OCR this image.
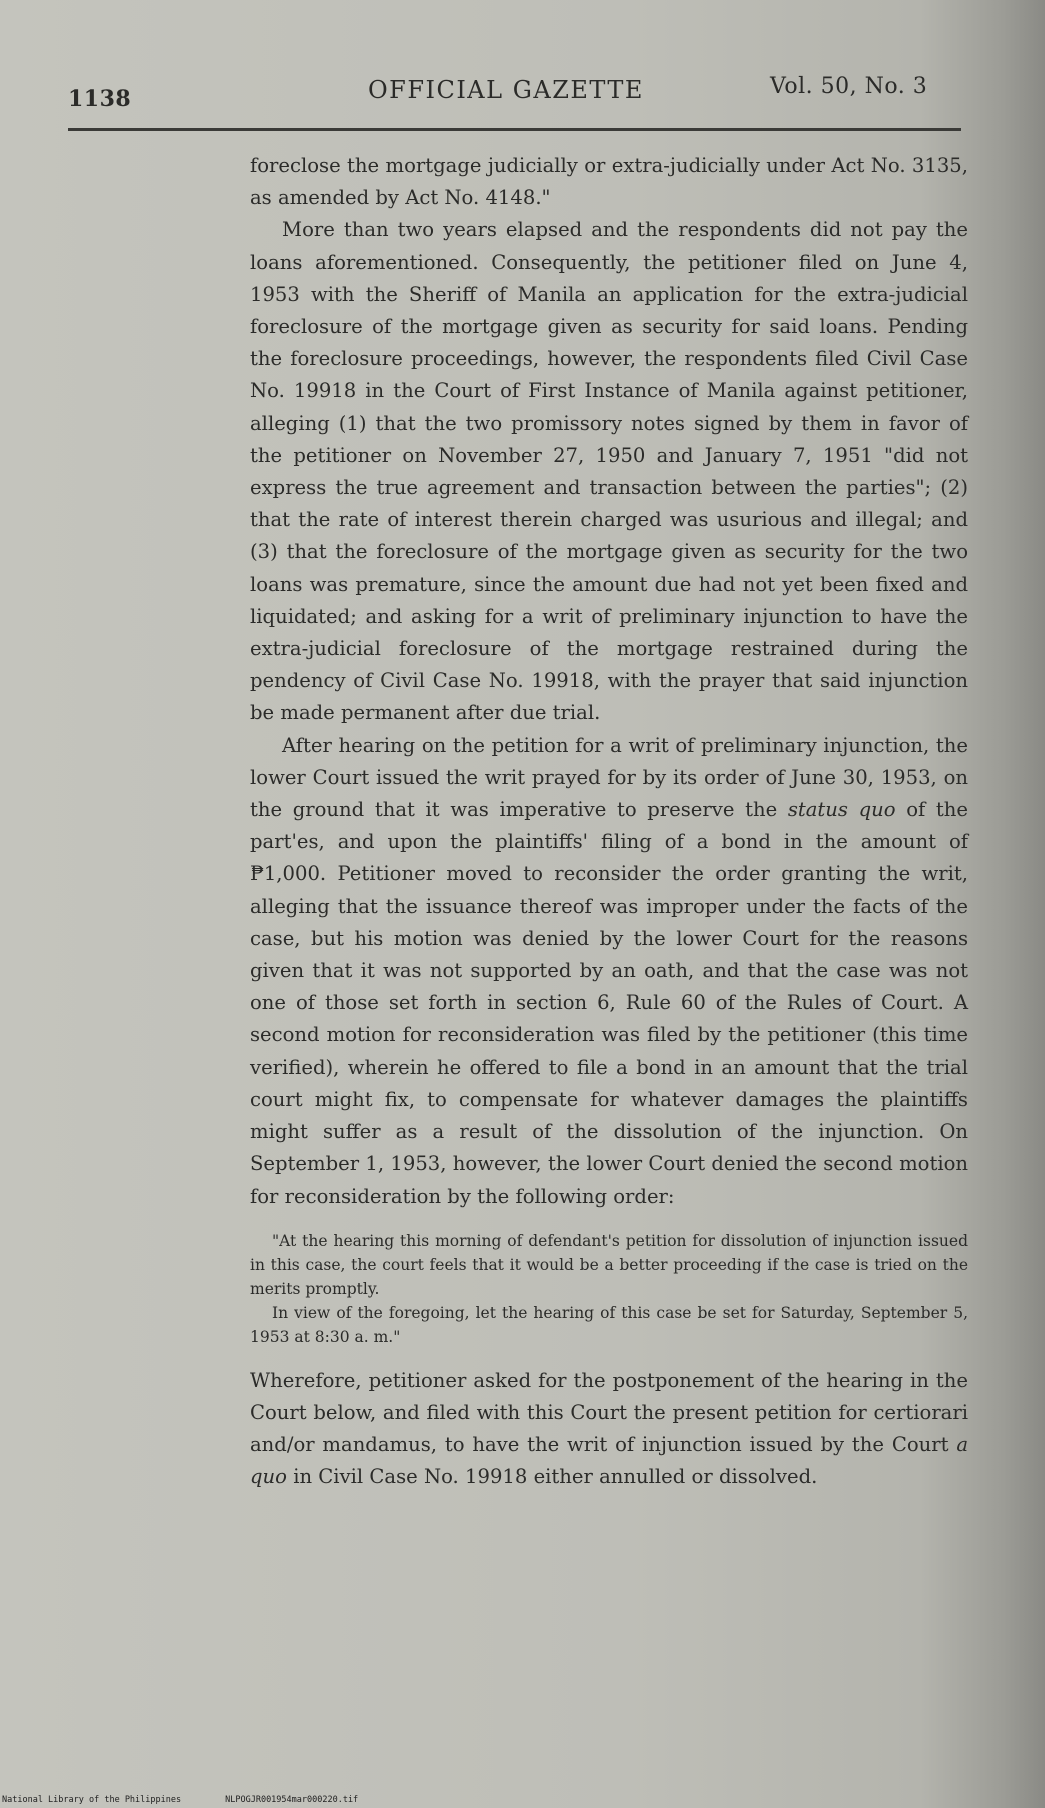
1138	OFFICIAL GAZETTE	Vol. 50, No. 3

foreclose the mortgage judicially or extra-judicially under Act No. 3135, as amended by Act No. 4148."

More than two years elapsed and the respondents did not pay the loans aforementioned. Consequently, the petitioner filed on June 4, 1953 with the Sheriff of Manila an application for the extra-judicial foreclosure of the mortgage given as security for said loans. Pending the foreclosure proceedings, however, the respondents filed Civil Case No. 19918 in the Court of First Instance of Manila against petitioner, alleging (1) that the two promissory notes signed by them in favor of the petitioner on November 27, 1950 and January 7, 1951 "did not express the true agreement and transaction between the parties"; (2) that the rate of interest therein charged was usurious and illegal; and (3) that the foreclosure of the mortgage given as security for the two loans was premature, since the amount due had not yet been fixed and liquidated; and asking for a writ of preliminary injunction to have the extra-judicial foreclosure of the mortgage restrained during the pendency of Civil Case No. 19918, with the prayer that said injunction be made permanent after due trial.

After hearing on the petition for a writ of preliminary injunction, the lower Court issued the writ prayed for by its order of June 30, 1953, on the ground that it was imperative to preserve the status quo of the part'es, and upon the plaintiffs' filing of a bond in the amount of ₱1,000. Petitioner moved to reconsider the order granting the writ, alleging that the issuance thereof was improper under the facts of the case, but his motion was denied by the lower Court for the reasons given that it was not supported by an oath, and that the case was not one of those set forth in section 6, Rule 60 of the Rules of Court. A second motion for reconsideration was filed by the petitioner (this time verified), wherein he offered to file a bond in an amount that the trial court might fix, to compensate for whatever damages the plaintiffs might suffer as a result of the dissolution of the injunction. On September 1, 1953, however, the lower Court denied the second motion for reconsideration by the following order:

"At the hearing this morning of defendant's petition for dissolution of injunction issued in this case, the court feels that it would be a better proceeding if the case is tried on the merits promptly.

In view of the foregoing, let the hearing of this case be set for Saturday, September 5, 1953 at 8:30 a. m."

Wherefore, petitioner asked for the postponement of the hearing in the Court below, and filed with this Court the present petition for certiorari and/or mandamus, to have the writ of injunction issued by the Court a quo in Civil Case No. 19918 either annulled or dissolved.

National Library of the Philippines	NLPOGJR001954mar000220.tif
